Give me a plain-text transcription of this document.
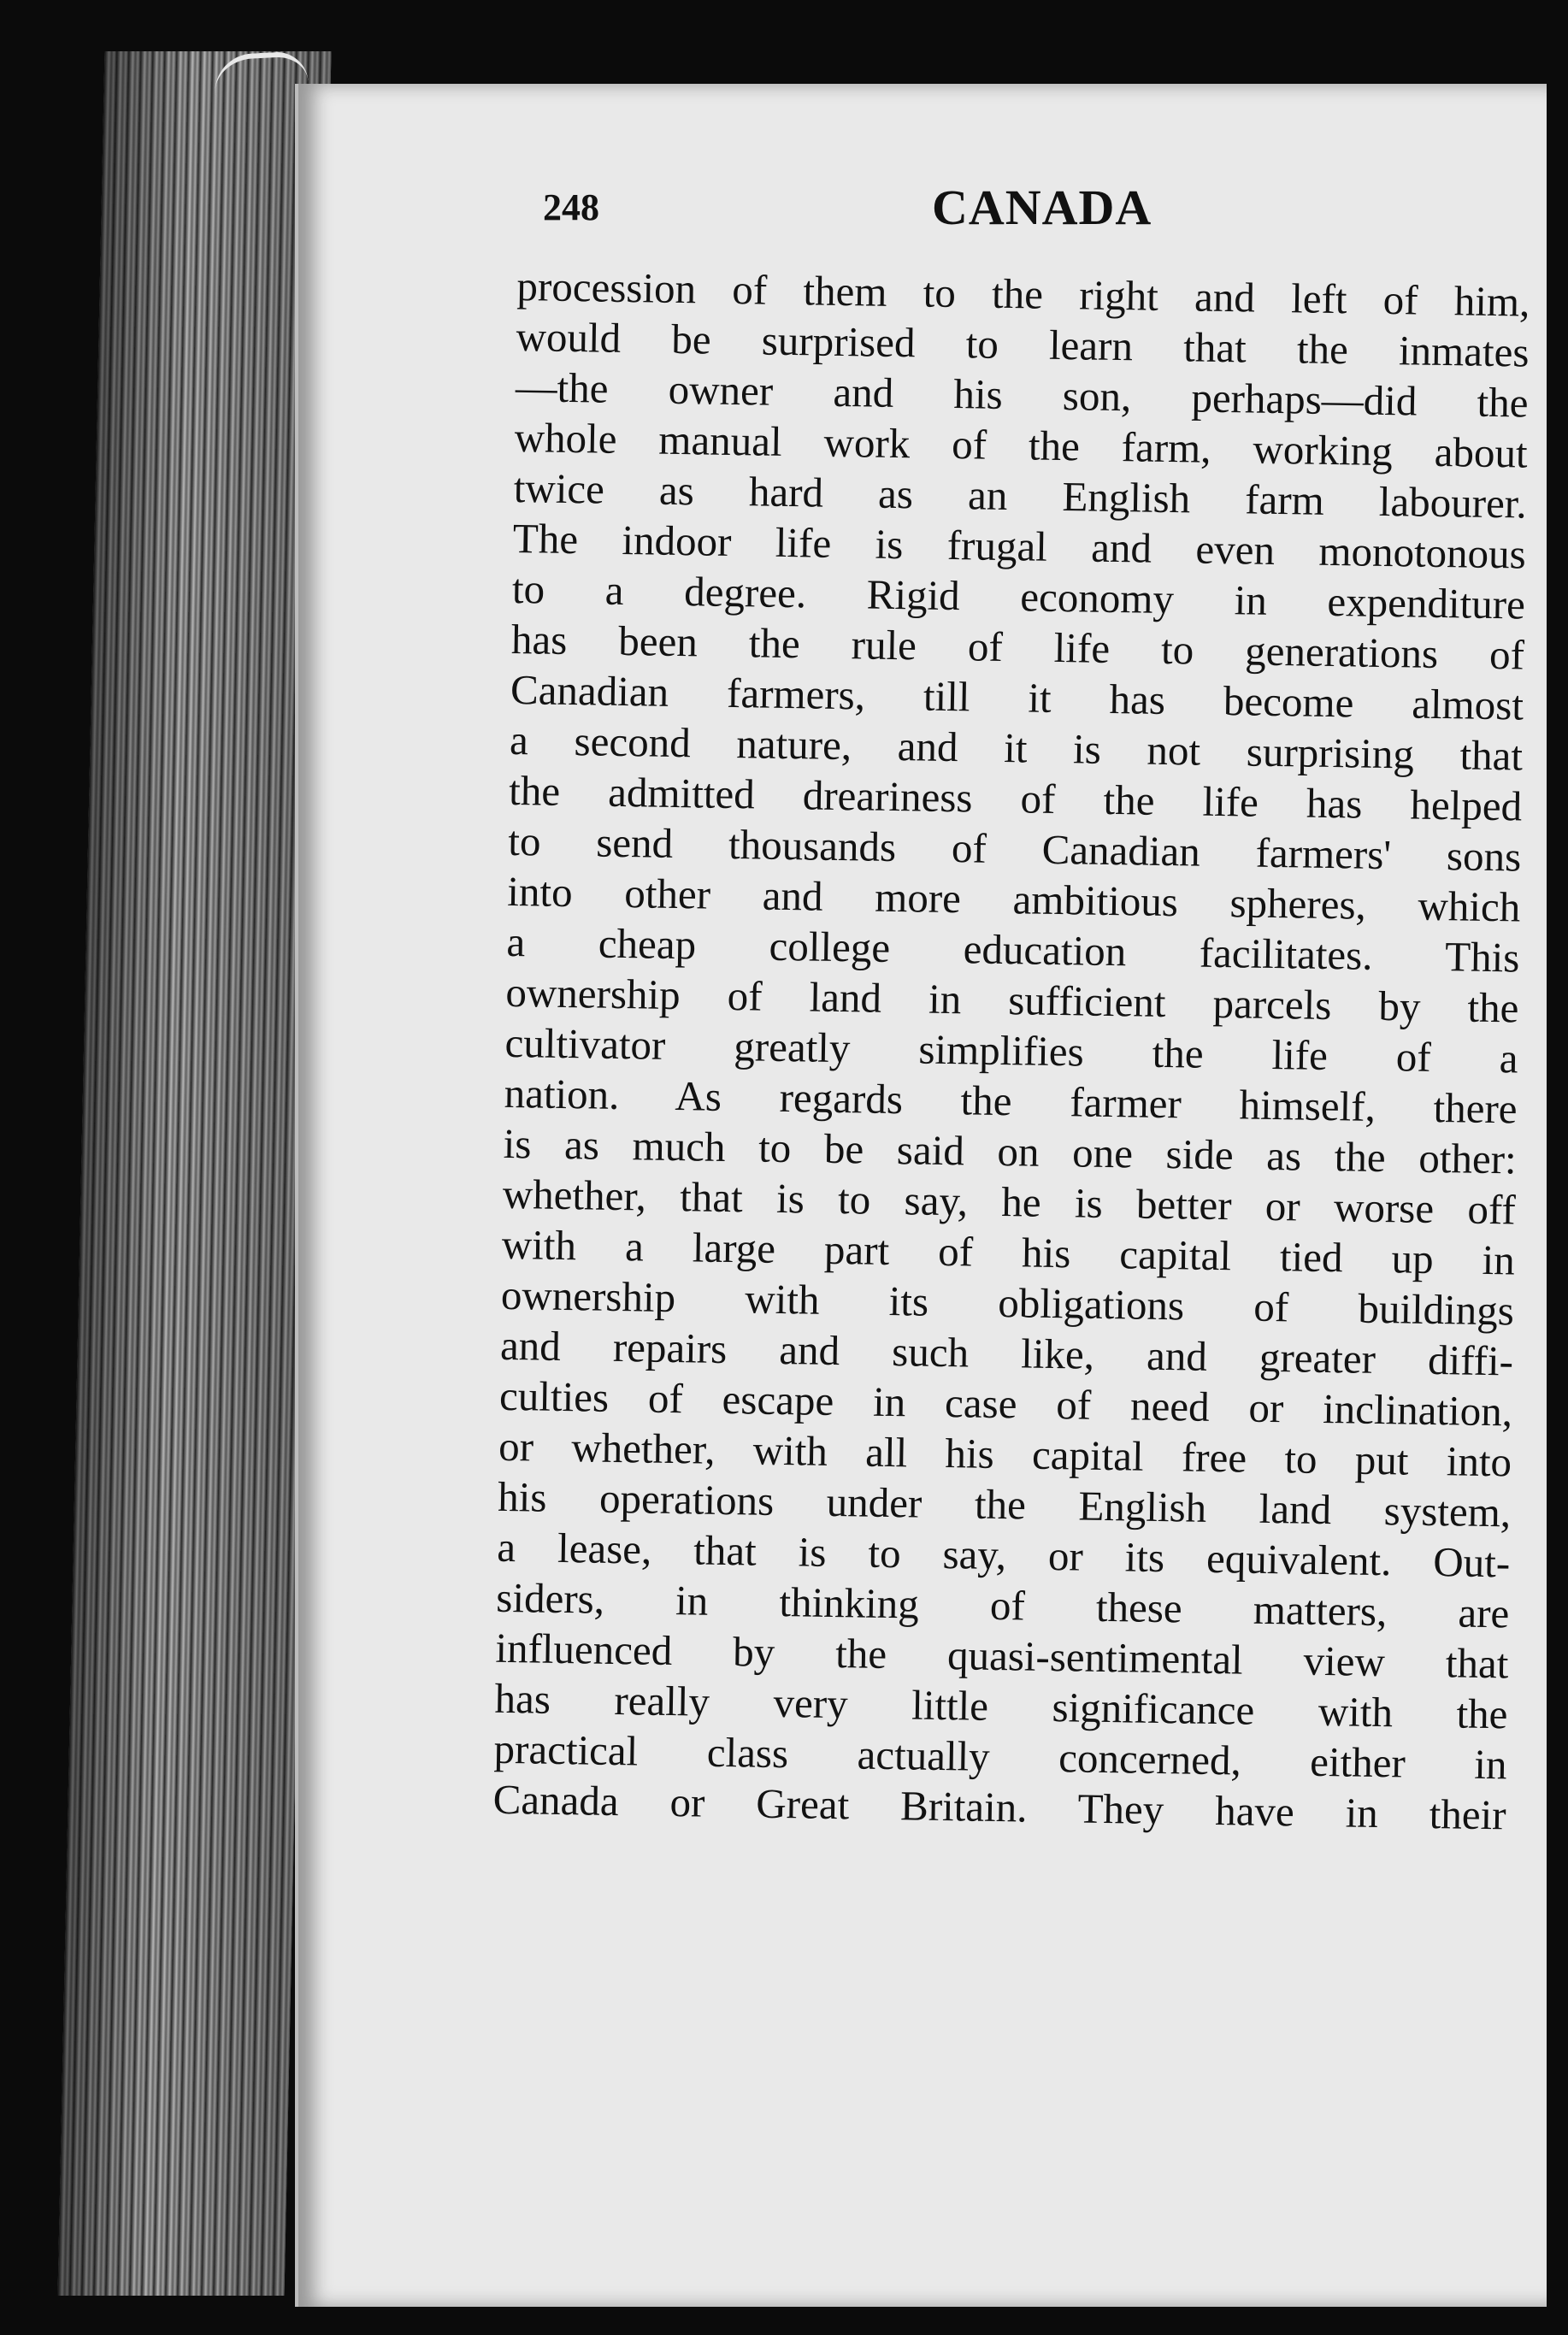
248	CANADA
procession of them to the right and left of him,
would be surprised to learn that the inmates
—the owner and his son, perhaps—did the
whole manual work of the farm, working about
twice as hard as an English farm labourer.
The indoor life is frugal and even monotonous
to a degree. Rigid economy in expenditure
has been the rule of life to generations of
Canadian farmers, till it has become almost
a second nature, and it is not surprising that
the admitted dreariness of the life has helped
to send thousands of Canadian farmers' sons
into other and more ambitious spheres, which
a cheap college education facilitates. This
ownership of land in sufficient parcels by the
cultivator greatly simplifies the life of a
nation. As regards the farmer himself, there
is as much to be said on one side as the other:
whether, that is to say, he is better or worse off
with a large part of his capital tied up in
ownership with its obligations of buildings
and repairs and such like, and greater diffi-
culties of escape in case of need or inclination,
or whether, with all his capital free to put into
his operations under the English land system,
a lease, that is to say, or its equivalent. Out-
siders, in thinking of these matters, are
influenced by the quasi-sentimental view that
has really very little significance with the
practical class actually concerned, either in
Canada or Great Britain. They have in their
